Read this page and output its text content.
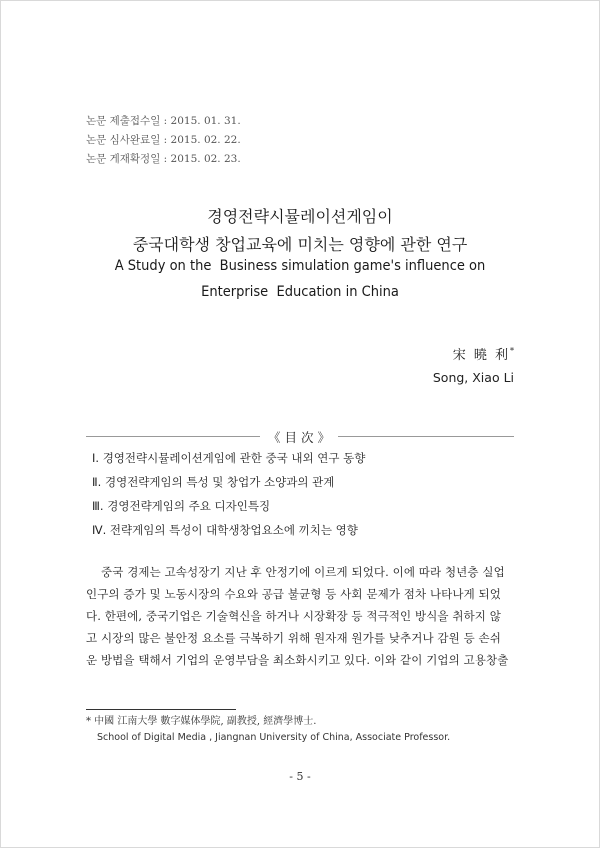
논문 제출접수일 : 2015. 01. 31.
논문 심사완료일 : 2015. 02. 22.
논문 게재확정일 : 2015. 02. 23.
경영전략시뮬레이션게임이
중국대학생 창업교육에 미치는 영향에 관한 연구
A Study on the  Business simulation game's influence on
Enterprise  Education in China
宋 曉 利*
Song, Xiao Li
《 目 次 》
Ⅰ. 경영전략시뮬레이션게임에 관한 중국 내외 연구 동향
Ⅱ. 경영전략게임의 특성 및 창업가 소양과의 관계
Ⅲ. 경영전략게임의 주요 디자인특징
Ⅳ. 전략게임의 특성이 대학생창업요소에 끼치는 영향
중국 경제는 고속성장기 지난 후 안정기에 이르게 되었다. 이에 따라 청년층 실업
인구의 증가 및 노동시장의 수요와 공급 불균형 등 사회 문제가 점차 나타나게 되었
다. 한편에, 중국기업은 기술혁신을 하거나 시장확장 등 적극적인 방식을 취하지 않
고 시장의 많은 불안정 요소를 극복하기 위해 원자재 원가를 낮추거나 감원 등 손쉬
운 방법을 택해서 기업의 운영부담을 최소화시키고 있다. 이와 같이 기업의 고용창출
* 中國 江南大學 數字媒体學院, 副教授, 經濟學博士.
School of Digital Media , Jiangnan University of China, Associate Professor.
- 5 -
